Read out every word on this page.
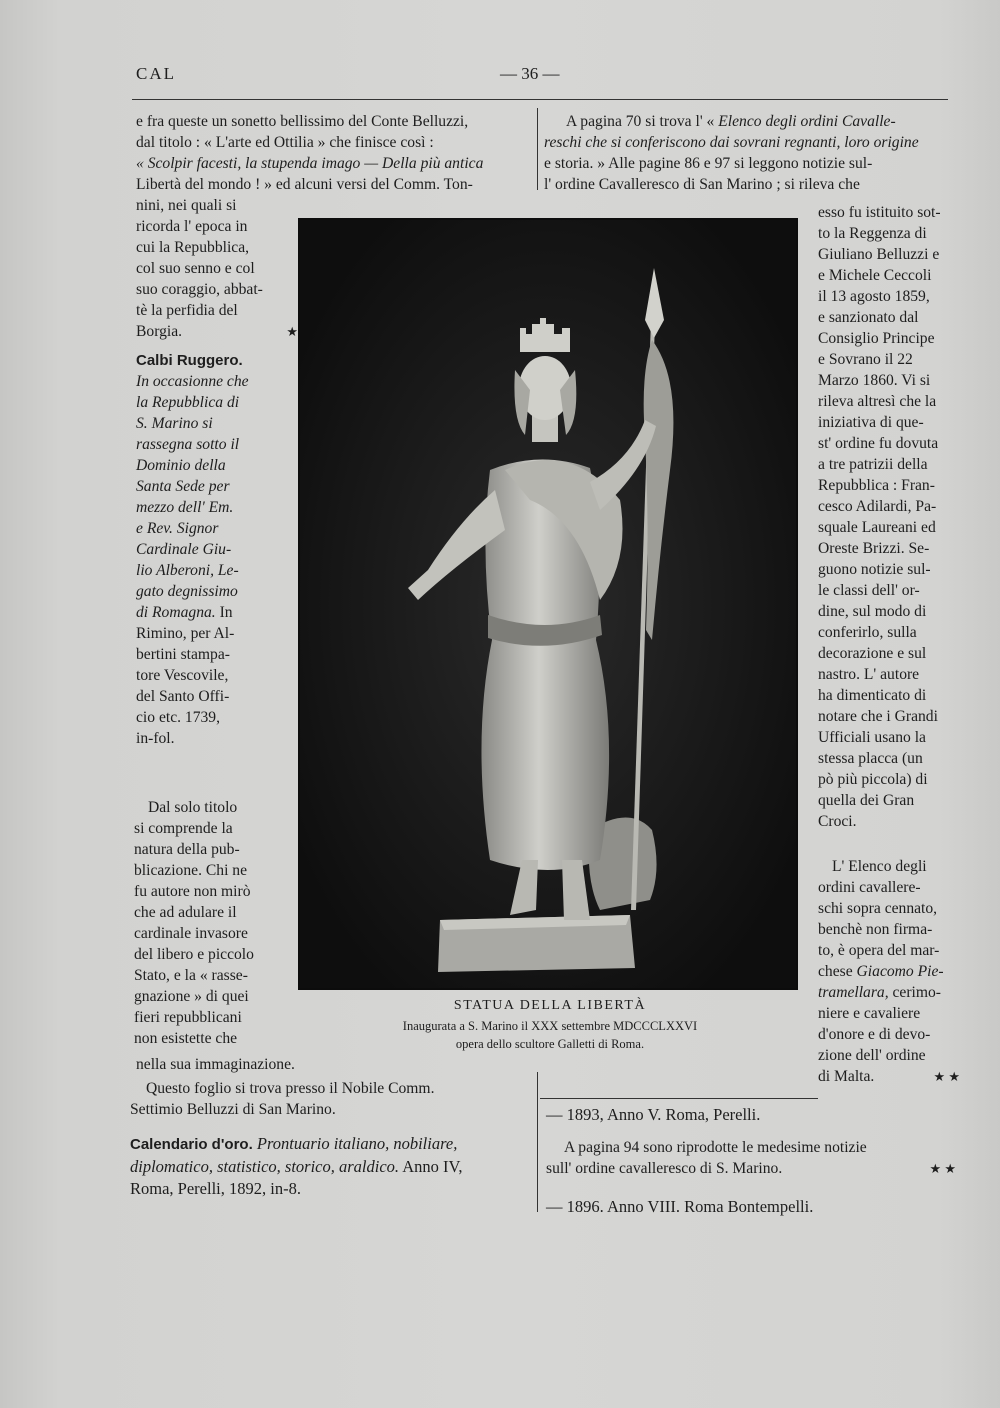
CAL	— 36 —

e fra queste un sonetto bellissimo del Conte Belluzzi,

dal titolo : « L'arte ed Ottilia » che finisce così :

« Scolpir facesti, la stupenda imago — Della più antica

Libertà del mondo ! » ed alcuni versi del Comm. Ton-

nini, nei quali si

ricorda l' epoca in

cui la Repubblica,

col suo senno e col

suo coraggio, abbat-

tè la perfidia del

Borgia.	★

Calbi Ruggero.

In occasionne che

la Repubblica di

S. Marino si

rassegna sotto il

Dominio della

Santa Sede per

mezzo dell' Em.

e Rev. Signor

Cardinale Giu-

lio Alberoni, Le-

gato degnissimo

di Romagna. In

Rimino, per Al-

bertini stampa-

tore Vescovile,

del Santo Offi-

cio etc. 1739,

in-fol.

Dal solo titolo

si comprende la

natura della pub-

blicazione. Chi ne

fu autore non mirò

che ad adulare il

cardinale invasore

del libero e piccolo

Stato, e la « rasse-

gnazione » di quei

fieri repubblicani

non esistette che

nella sua immaginazione.

Questo foglio si trova presso il Nobile Comm.

Settimio Belluzzi di San Marino.

Calendario d'oro. Prontuario italiano, nobiliare,

diplomatico, statistico, storico, araldico. Anno IV,

Roma, Perelli, 1892, in-8.

A pagina 70 si trova l' « Elenco degli ordini Cavalle-

reschi che si conferiscono dai sovrani regnanti, loro origine

e storia. » Alle pagine 86 e 97 si leggono notizie sul-

l' ordine Cavalleresco di San Marino ; si rileva che

esso fu istituito sot-

to la Reggenza di

Giuliano Belluzzi e

e Michele Ceccoli

il 13 agosto 1859,

e sanzionato dal

Consiglio Principe

e Sovrano il 22

Marzo 1860. Vi si

rileva altresì che la

iniziativa di que-

st' ordine fu dovuta

a tre patrizii della

Repubblica : Fran-

cesco Adilardi, Pa-

squale Laureani ed

Oreste Brizzi. Se-

guono notizie sul-

le classi dell' or-

dine, sul modo di

conferirlo, sulla

decorazione e sul

nastro. L' autore

ha dimenticato di

notare che i Grandi

Ufficiali usano la

stessa placca (un

pò più piccola) di

quella dei Gran

Croci.

L' Elenco degli

ordini cavallere-

schi sopra cennato,

benchè non firma-

to, è opera del mar-

chese Giacomo Pie-

tramellara, cerimo-

niere e cavaliere

d'onore e di devo-

zione dell' ordine

di Malta.	★ ★

— 1893, Anno V. Roma, Perelli.

A pagina 94 sono riprodotte le medesime notizie

sull' ordine cavalleresco di S. Marino.	★ ★

— 1896. Anno VIII. Roma Bontempelli.

STATUA DELLA LIBERTÀ
Inaugurata a S. Marino il XXX settembre MDCCCLXXVI
opera dello scultore Galletti di Roma.
